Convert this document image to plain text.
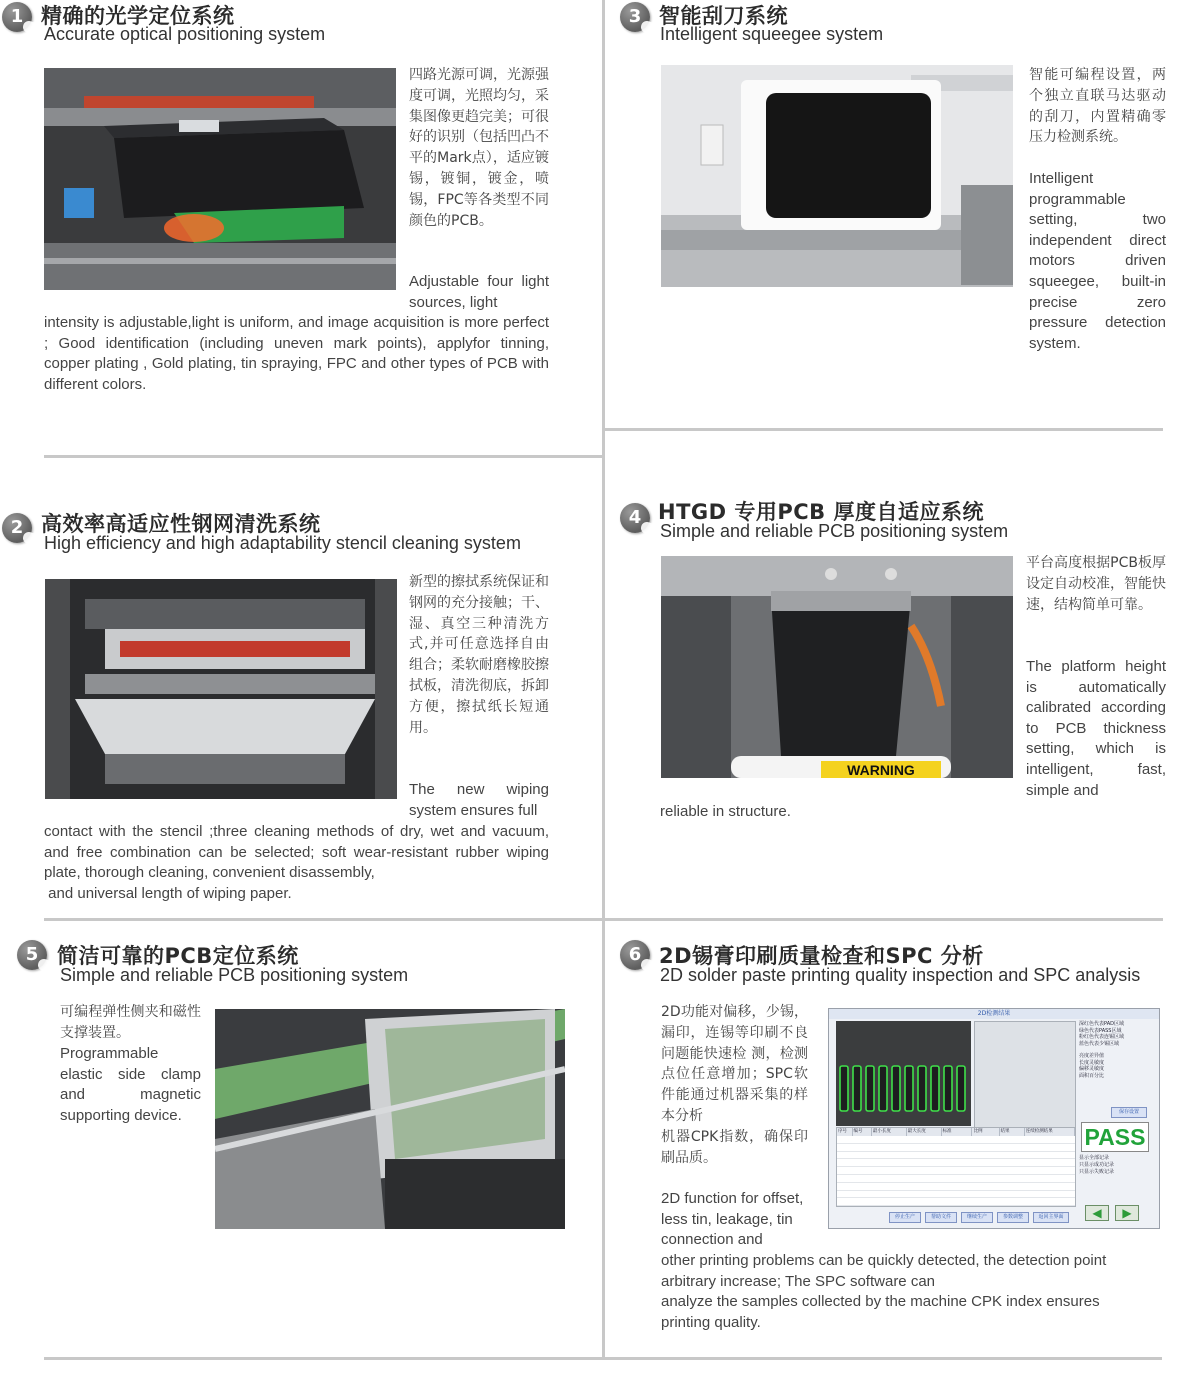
1 精确的光学定位系统
Accurate optical positioning system
四路光源可调，光源强度可调，光照均匀，采集图像更趋完美；可很好的识别（包括凹凸不平的Mark点），适应镀锡，镀铜，镀金，喷锡，FPC等各类型不同颜色的PCB。
Adjustable four light sources, light
intensity is adjustable,light is uniform, and image acquisition is more perfect ; Good identification (including uneven mark points), applyfor tinning, copper plating , Gold plating, tin spraying, FPC and other types of PCB with different colors.
3 智能刮刀系统
Intelligent squeegee system
智能可编程设置，两个独立直联马达驱动的刮刀，内置精确零压力检测系统。
Intelligent programmable setting, two independent direct motors driven squeegee, built-in precise zero pressure detection system.
2 高效率高适应性钢网清洗系统
High efficiency and high adaptability stencil cleaning system
新型的擦拭系统保证和钢网的充分接触；干、湿、真空三种清洗方式,并可任意选择自由组合；柔软耐磨橡胶擦拭板，清洗彻底，拆卸方便，擦拭纸长短通用。
The new wiping system ensures full
contact with the stencil ;three cleaning methods of dry, wet and vacuum, and free combination can be selected; soft wear-resistant rubber wiping plate, thorough cleaning, convenient disassembly,
and universal length of wiping paper.
4 HTGD 专用PCB 厚度自适应系统
Simple and reliable PCB positioning system
WARNING
平台高度根据PCB板厚设定自动校准，智能快速，结构简单可靠。
The platform height is automatically calibrated according to PCB thickness setting, which is intelligent, fast, simple and
reliable in structure.
5 简洁可靠的PCB定位系统
Simple and reliable PCB positioning system
可编程弹性侧夹和磁性支撑装置。
Programmable elastic side clamp and magnetic supporting device.
6 2D锡膏印刷质量检查和SPC 分析
2D solder paste printing quality inspection and SPC analysis
2D功能对偏移，少锡，漏印，连锡等印刷不良问题能快速检 测，检测点位任意增加；SPC软件能通过机器采集的样本分析
机器CPK指数，确保印刷品质。
2D function for offset, less tin, leakage, tin connection and
other printing problems can be quickly detected, the detection point arbitrary increase; The SPC software can
analyze the samples collected by the machine CPK index ensures printing quality.
2D检测结果
深红色代表PAD区域
绿色代表PASS区域
粉红色代表连锡区域
蓝色代表少锡区域
亮度差异值
长度灵敏度
偏移灵敏度
面积百分比
保存设置
序号	编号	最小长度	最大长度	标准	比例	结果	连续检测结果	PASS
显示全部记录
只显示成功记录
只显示失败记录
停止生产	帮助文件	继续生产	参数调整	返回主界面	◀	▶
